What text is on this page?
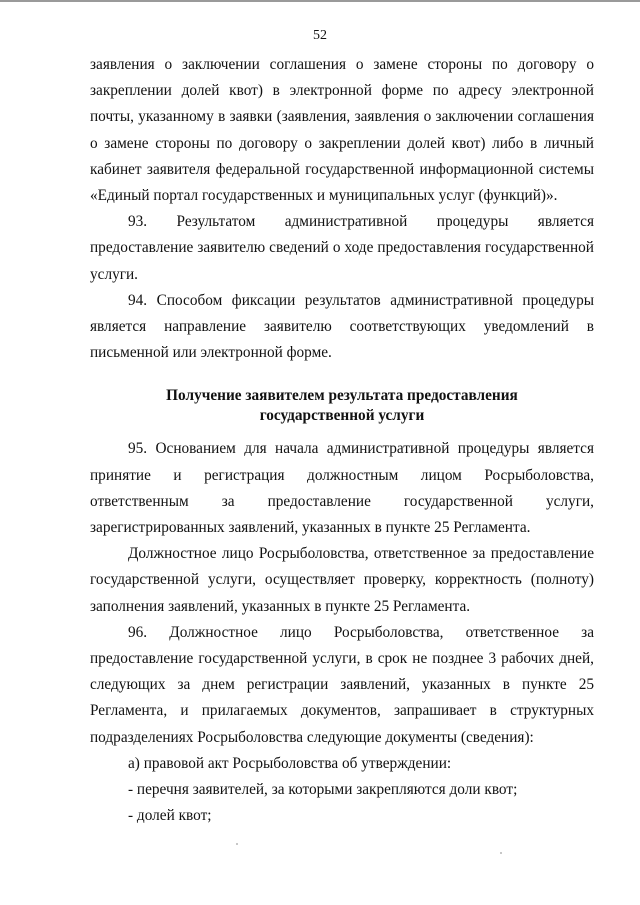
52

заявления о заключении соглашения о замене стороны по договору о закреплении долей квот) в электронной форме по адресу электронной почты, указанному в заявки (заявления, заявления о заключении соглашения о замене стороны по договору о закреплении долей квот) либо в личный кабинет заявителя федеральной государственной информационной системы «Единый портал государственных и муниципальных услуг (функций)».

93. Результатом административной процедуры является предоставление заявителю сведений о ходе предоставления государственной услуги.

94. Способом фиксации результатов административной процедуры является направление заявителю соответствующих уведомлений в письменной или электронной форме.

Получение заявителем результата предоставления
государственной услуги

95. Основанием для начала административной процедуры является принятие и регистрация должностным лицом Росрыболовства, ответственным за предоставление государственной услуги, зарегистрированных заявлений, указанных в пункте 25 Регламента.

Должностное лицо Росрыболовства, ответственное за предоставление государственной услуги, осуществляет проверку, корректность (полноту) заполнения заявлений, указанных в пункте 25 Регламента.

96. Должностное лицо Росрыболовства, ответственное за предоставление государственной услуги, в срок не позднее 3 рабочих дней, следующих за днем регистрации заявлений, указанных в пункте 25 Регламента, и прилагаемых документов, запрашивает в структурных подразделениях Росрыболовства следующие документы (сведения):

а) правовой акт Росрыболовства об утверждении:

- перечня заявителей, за которыми закрепляются доли квот;

- долей квот;
